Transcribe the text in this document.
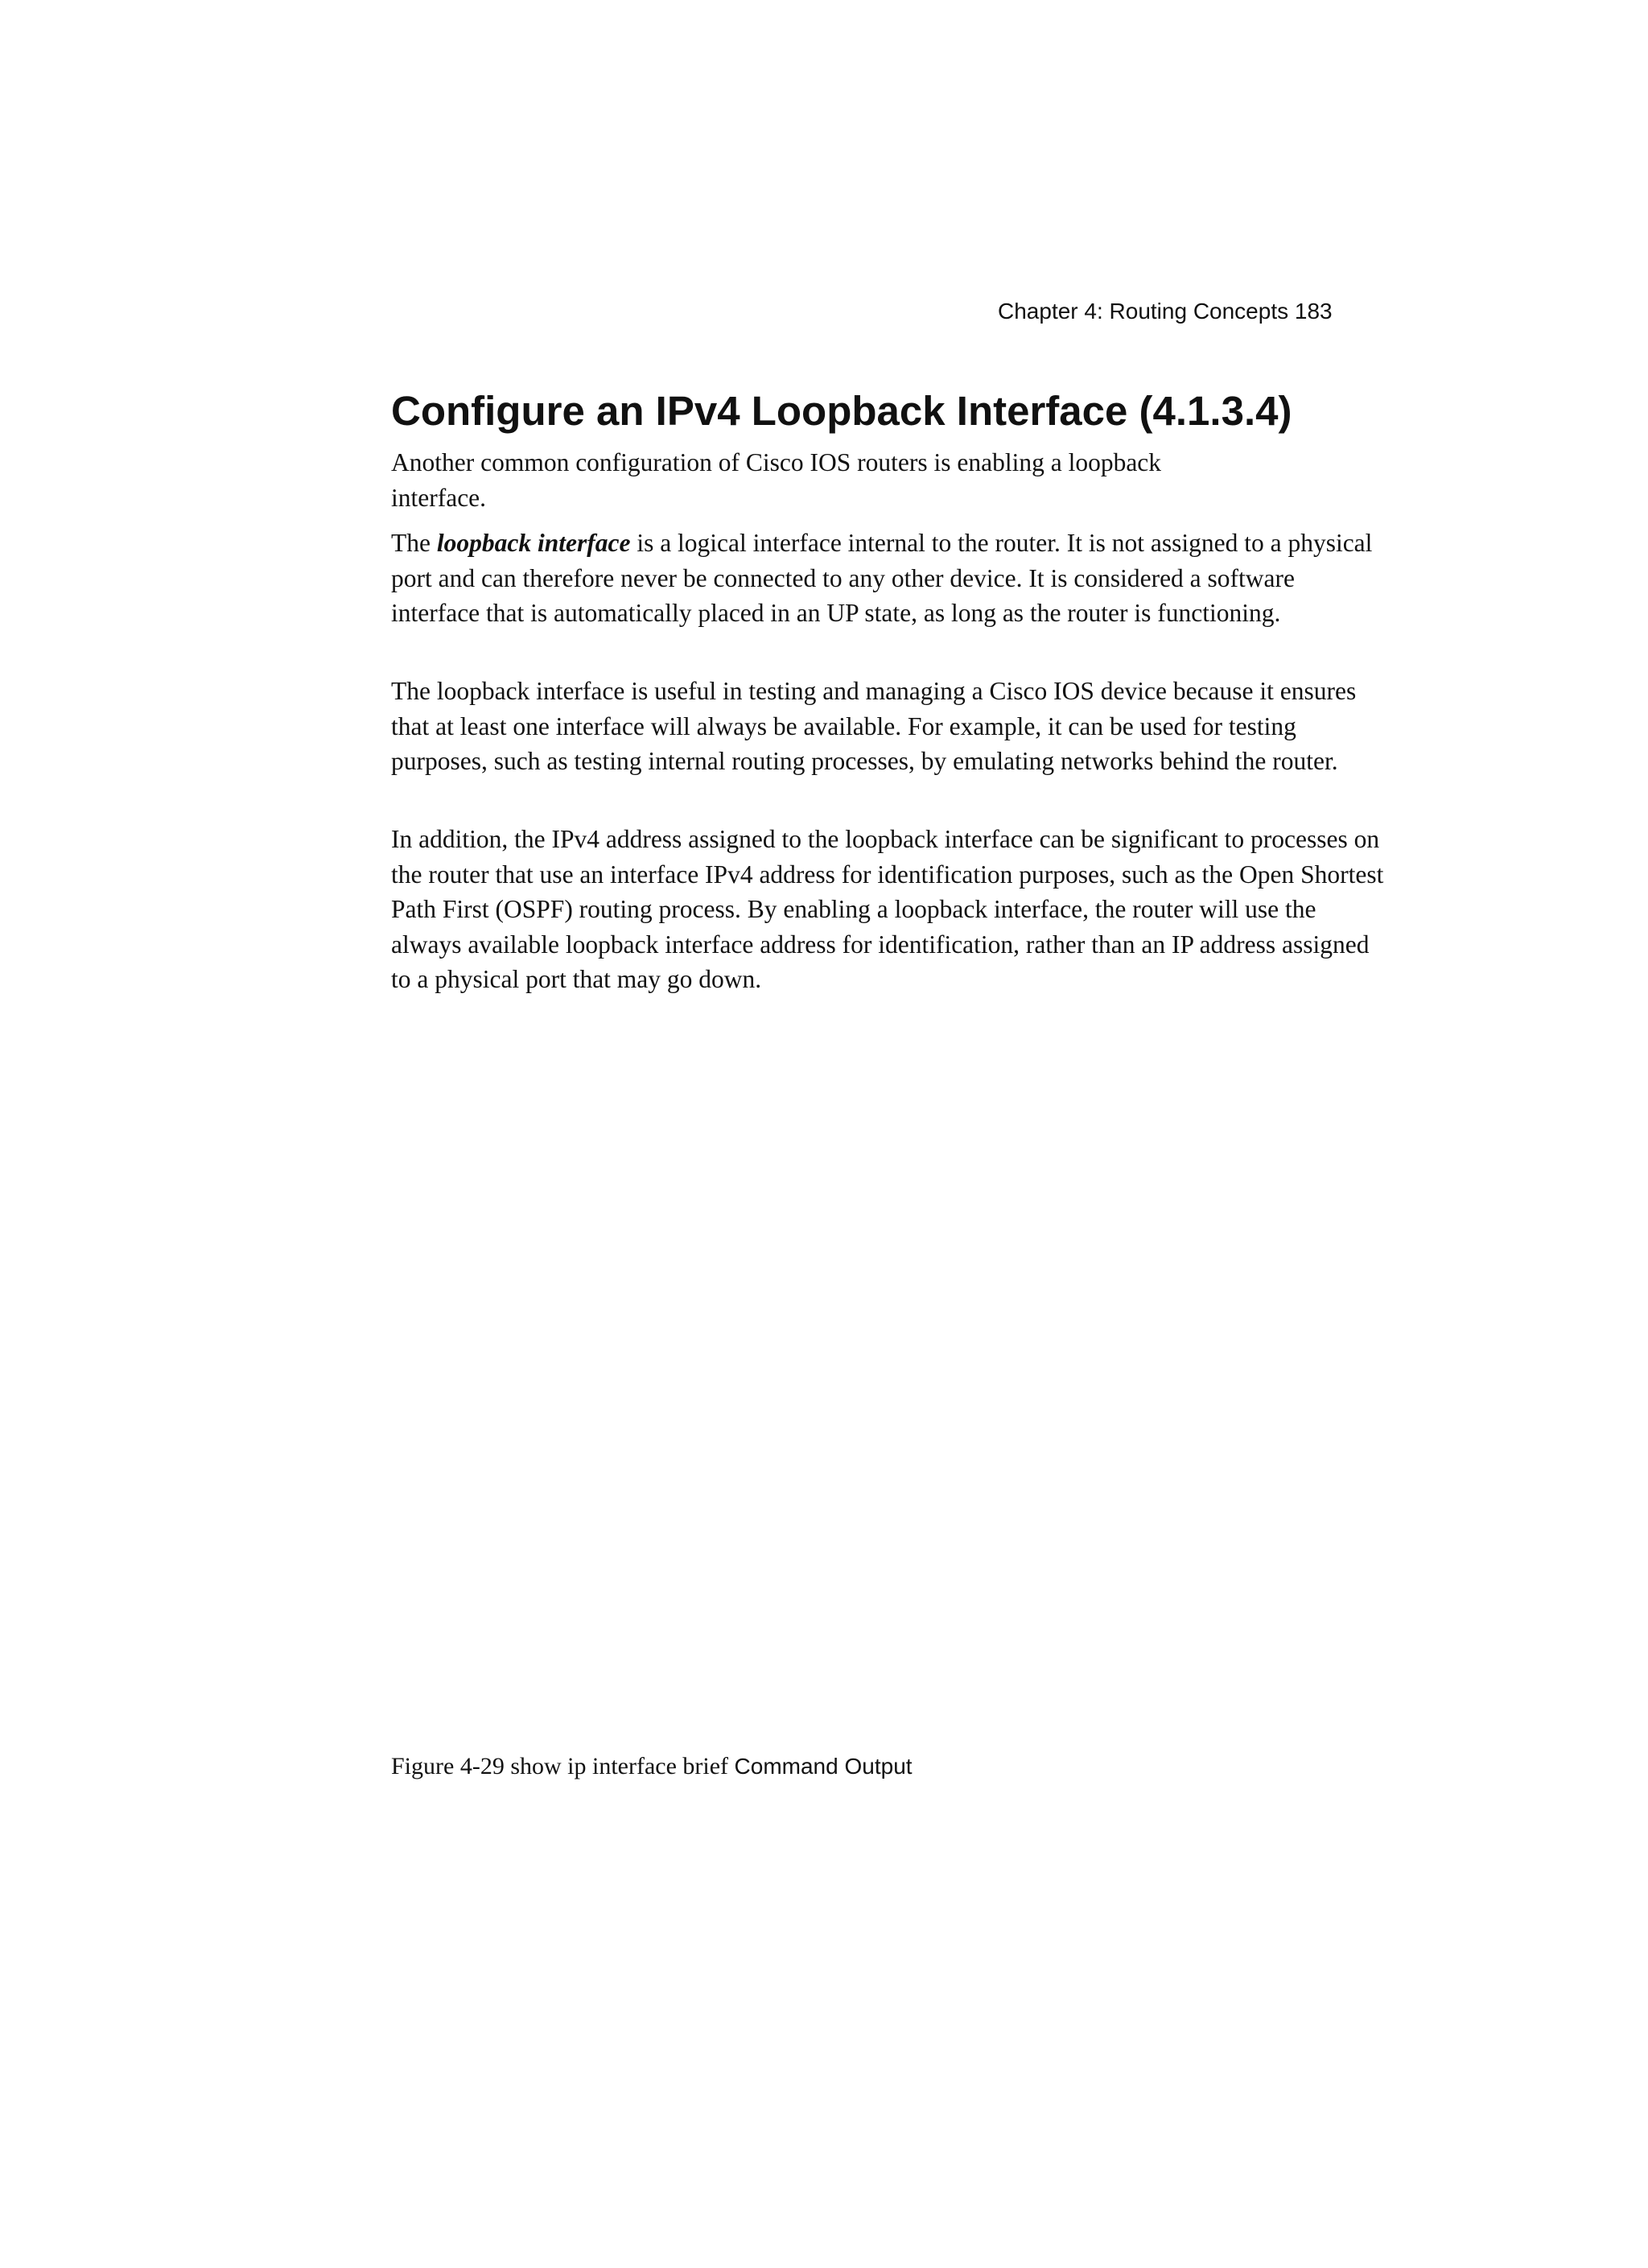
Chapter 4: Routing Concepts 183
Configure an IPv4 Loopback Interface (4.1.3.4)

Another common configuration of Cisco IOS routers is enabling a loopback interface.

The loopback interface is a logical interface internal to the router. It is not assigned to a physical port and can therefore never be connected to any other device. It is considered a software interface that is automatically placed in an UP state, as long as the router is functioning.

The loopback interface is useful in testing and managing a Cisco IOS device because it ensures that at least one interface will always be available. For example, it can be used for testing purposes, such as testing internal routing processes, by emulating networks behind the router.

In addition, the IPv4 address assigned to the loopback interface can be significant to processes on the router that use an interface IPv4 address for identification purposes, such as the Open Shortest Path First (OSPF) routing process. By enabling a loopback interface, the router will use the always available loopback interface address for identification, rather than an IP address assigned to a physical port that may go down.

Figure 4-29 show ip interface brief Command Output
